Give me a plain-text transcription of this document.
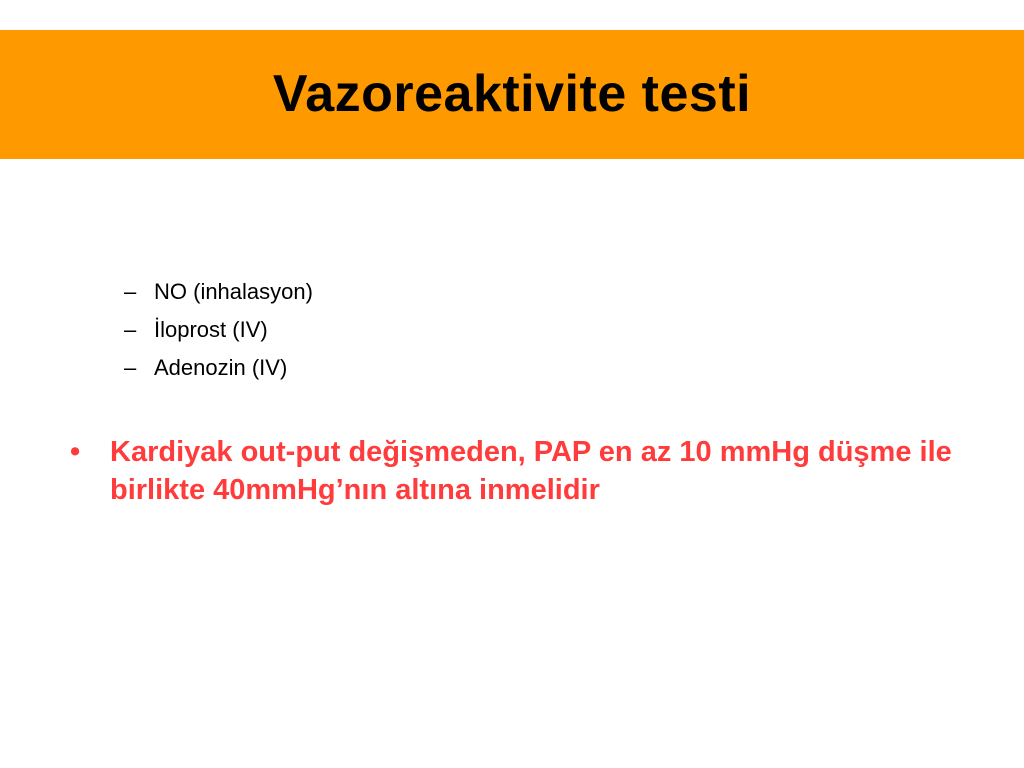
Vazoreaktivite testi
– NO (inhalasyon)
– İloprost (IV)
– Adenozin (IV)
• Kardiyak out-put değişmeden, PAP en az 10 mmHg düşme ile birlikte 40mmHg’nın altına inmelidir
